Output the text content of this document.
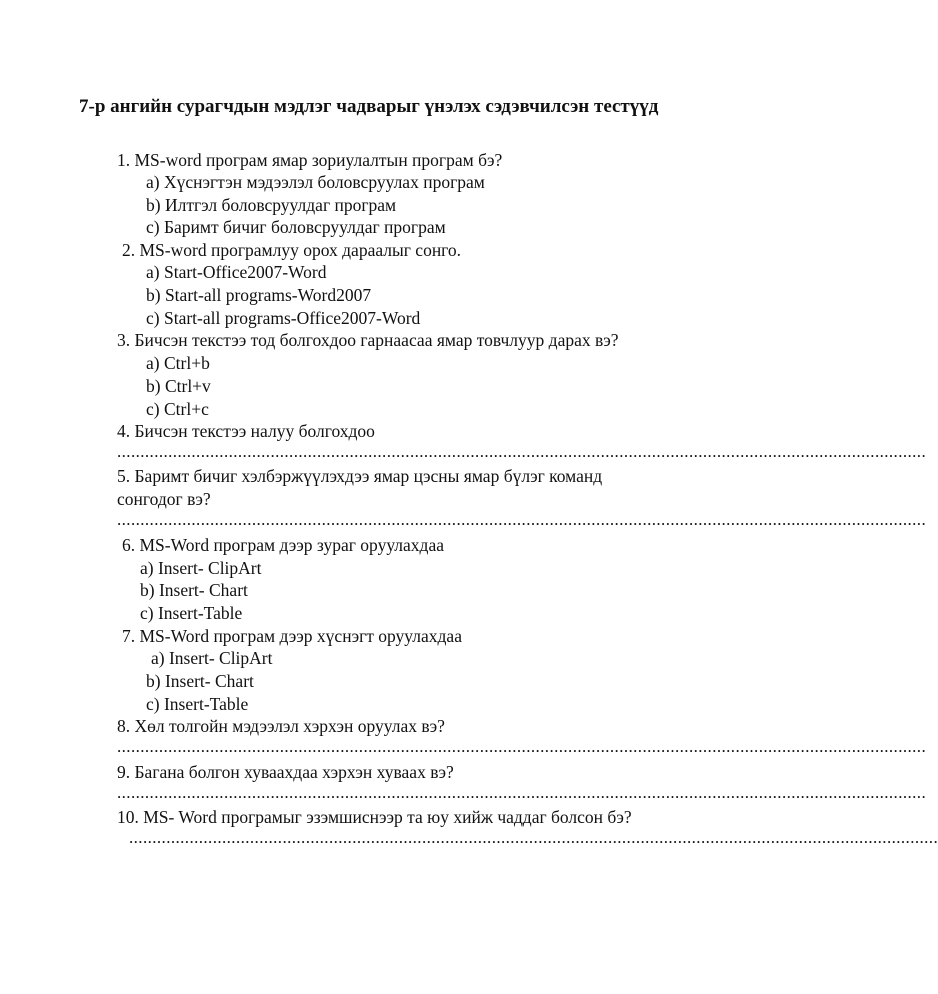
7-р ангийн сурагчдын мэдлэг чадварыг үнэлэх сэдэвчилсэн тестүүд
1. MS-word програм ямар зориулалтын програм бэ?
a) Хүснэгтэн мэдээлэл боловсруулах програм
b) Илтгэл боловсруулдаг програм
c) Баримт бичиг боловсруулдаг програм
2. MS-word програмлуу орох дараалыг сонго.
a) Start-Office2007-Word
b) Start-all programs-Word2007
c) Start-all programs-Office2007-Word
3. Бичсэн текстээ тод болгохдоо гарнаасаа ямар товчлуур дарах вэ?
a) Ctrl+b
b) Ctrl+v
c) Ctrl+c
4. Бичсэн текстээ налуу болгохдоо
..............................................................................................................................................................................
5. Баримт бичиг хэлбэржүүлэхдээ ямар цэсны ямар бүлэг команд
сонгодог вэ?
..............................................................................................................................................................................
6. MS-Word програм дээр зураг оруулахдаа
a) Insert- ClipArt
b) Insert- Chart
c) Insert-Table
7. MS-Word програм дээр хүснэгт оруулахдаа
a) Insert- ClipArt
b) Insert- Chart
c) Insert-Table
8. Хөл толгойн мэдээлэл хэрхэн оруулах вэ?
..............................................................................................................................................................................
9. Багана болгон хуваахдаа хэрхэн хуваах вэ?
..............................................................................................................................................................................
10. MS- Word програмыг эзэмшиснээр та юу хийж чаддаг болсон бэ?
..............................................................................................................................................................................
